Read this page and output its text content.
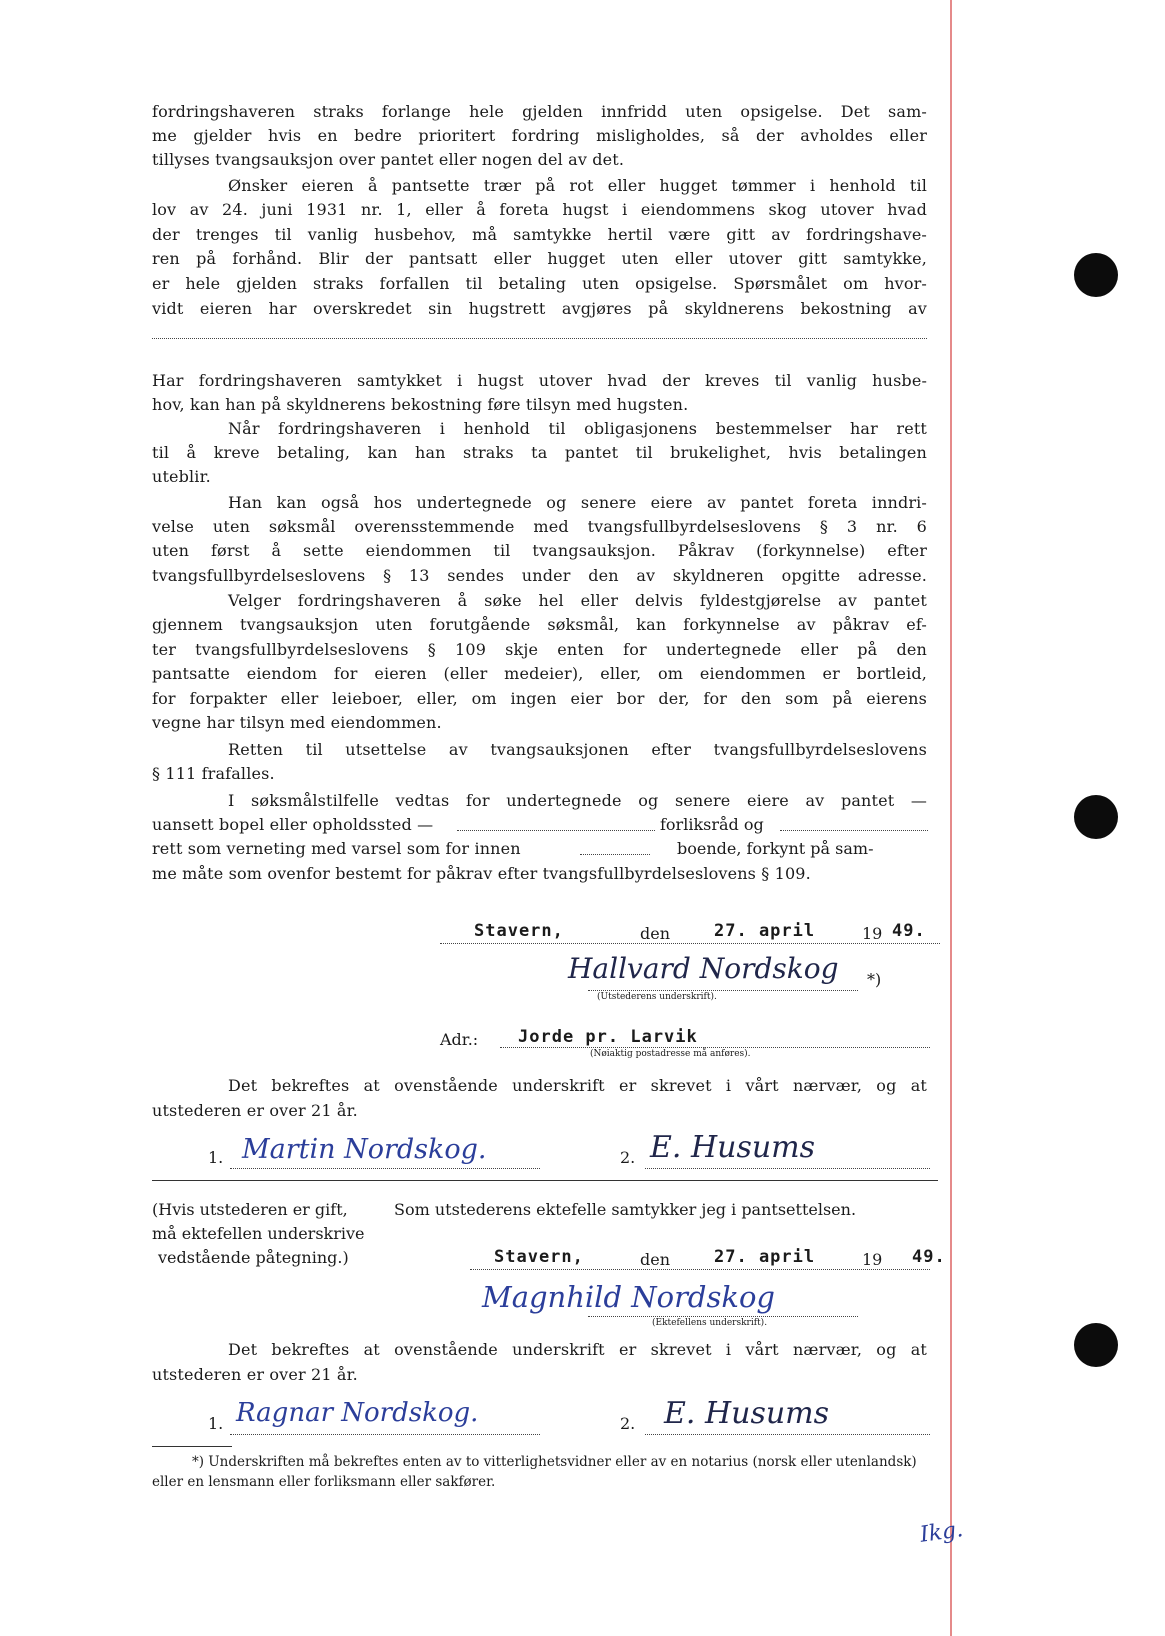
fordringshaveren straks forlange hele gjelden innfridd uten opsigelse. Det sam-
me gjelder hvis en bedre prioritert fordring misligholdes, så der avholdes eller
tillyses tvangsauksjon over pantet eller nogen del av det.
Ønsker eieren å pantsette trær på rot eller hugget tømmer i henhold til
lov av 24. juni 1931 nr. 1, eller å foreta hugst i eiendommens skog utover hvad
der trenges til vanlig husbehov, må samtykke hertil være gitt av fordringshave-
ren på forhånd. Blir der pantsatt eller hugget uten eller utover gitt samtykke,
er hele gjelden straks forfallen til betaling uten opsigelse. Spørsmålet om hvor-
vidt eieren har overskredet sin hugstrett avgjøres på skyldnerens bekostning av
Har fordringshaveren samtykket i hugst utover hvad der kreves til vanlig husbe-
hov, kan han på skyldnerens bekostning føre tilsyn med hugsten.
Når fordringshaveren i henhold til obligasjonens bestemmelser har rett
til å kreve betaling, kan han straks ta pantet til brukelighet, hvis betalingen
uteblir.
Han kan også hos undertegnede og senere eiere av pantet foreta inndri-
velse uten søksmål overensstemmende med tvangsfullbyrdelseslovens § 3 nr. 6
uten først å sette eiendommen til tvangsauksjon. Påkrav (forkynnelse) efter
tvangsfullbyrdelseslovens § 13 sendes under den av skyldneren opgitte adresse.
Velger fordringshaveren å søke hel eller delvis fyldestgjørelse av pantet
gjennem tvangsauksjon uten forutgående søksmål, kan forkynnelse av påkrav ef-
ter tvangsfullbyrdelseslovens § 109 skje enten for undertegnede eller på den
pantsatte eiendom for eieren (eller medeier), eller, om eiendommen er bortleid,
for forpakter eller leieboer, eller, om ingen eier bor der, for den som på eierens
vegne har tilsyn med eiendommen.
Retten til utsettelse av tvangsauksjonen efter tvangsfullbyrdelseslovens
§ 111 frafalles.
I søksmålstilfelle vedtas for undertegnede og senere eiere av pantet —
uansett bopel eller opholdssted —	forliksråd og
rett som verneting med varsel som for innen	boende, forkynt på sam-
me måte som ovenfor bestemt for påkrav efter tvangsfullbyrdelseslovens § 109.
Stavern,	den	27. april	19 49.
Hallvard Nordskog *)
(Utstederens underskrift).
Adr.: Jorde pr. Larvik
(Nøiaktig postadresse må anføres).
Det bekreftes at ovenstående underskrift er skrevet i vårt nærvær, og at
utstederen er over 21 år.
1. Martin Nordskog.	2. E. Husums
(Hvis utstederen er gift,
må ektefellen underskrive
vedstående påtegning.)
Som utstederens ektefelle samtykker jeg i pantsettelsen.
Stavern,	den	27. april	19 49.
Magnhild Nordskog
(Ektefellens underskrift).
Det bekreftes at ovenstående underskrift er skrevet i vårt nærvær, og at
utstederen er over 21 år.
1. Ragnar Nordskog.	2. E. Husums
*) Underskriften må bekreftes enten av to vitterlighetsvidner eller av en notarius (norsk eller utenlandsk) eller en lensmann eller forliksmann eller sakfører.
Ikg.
